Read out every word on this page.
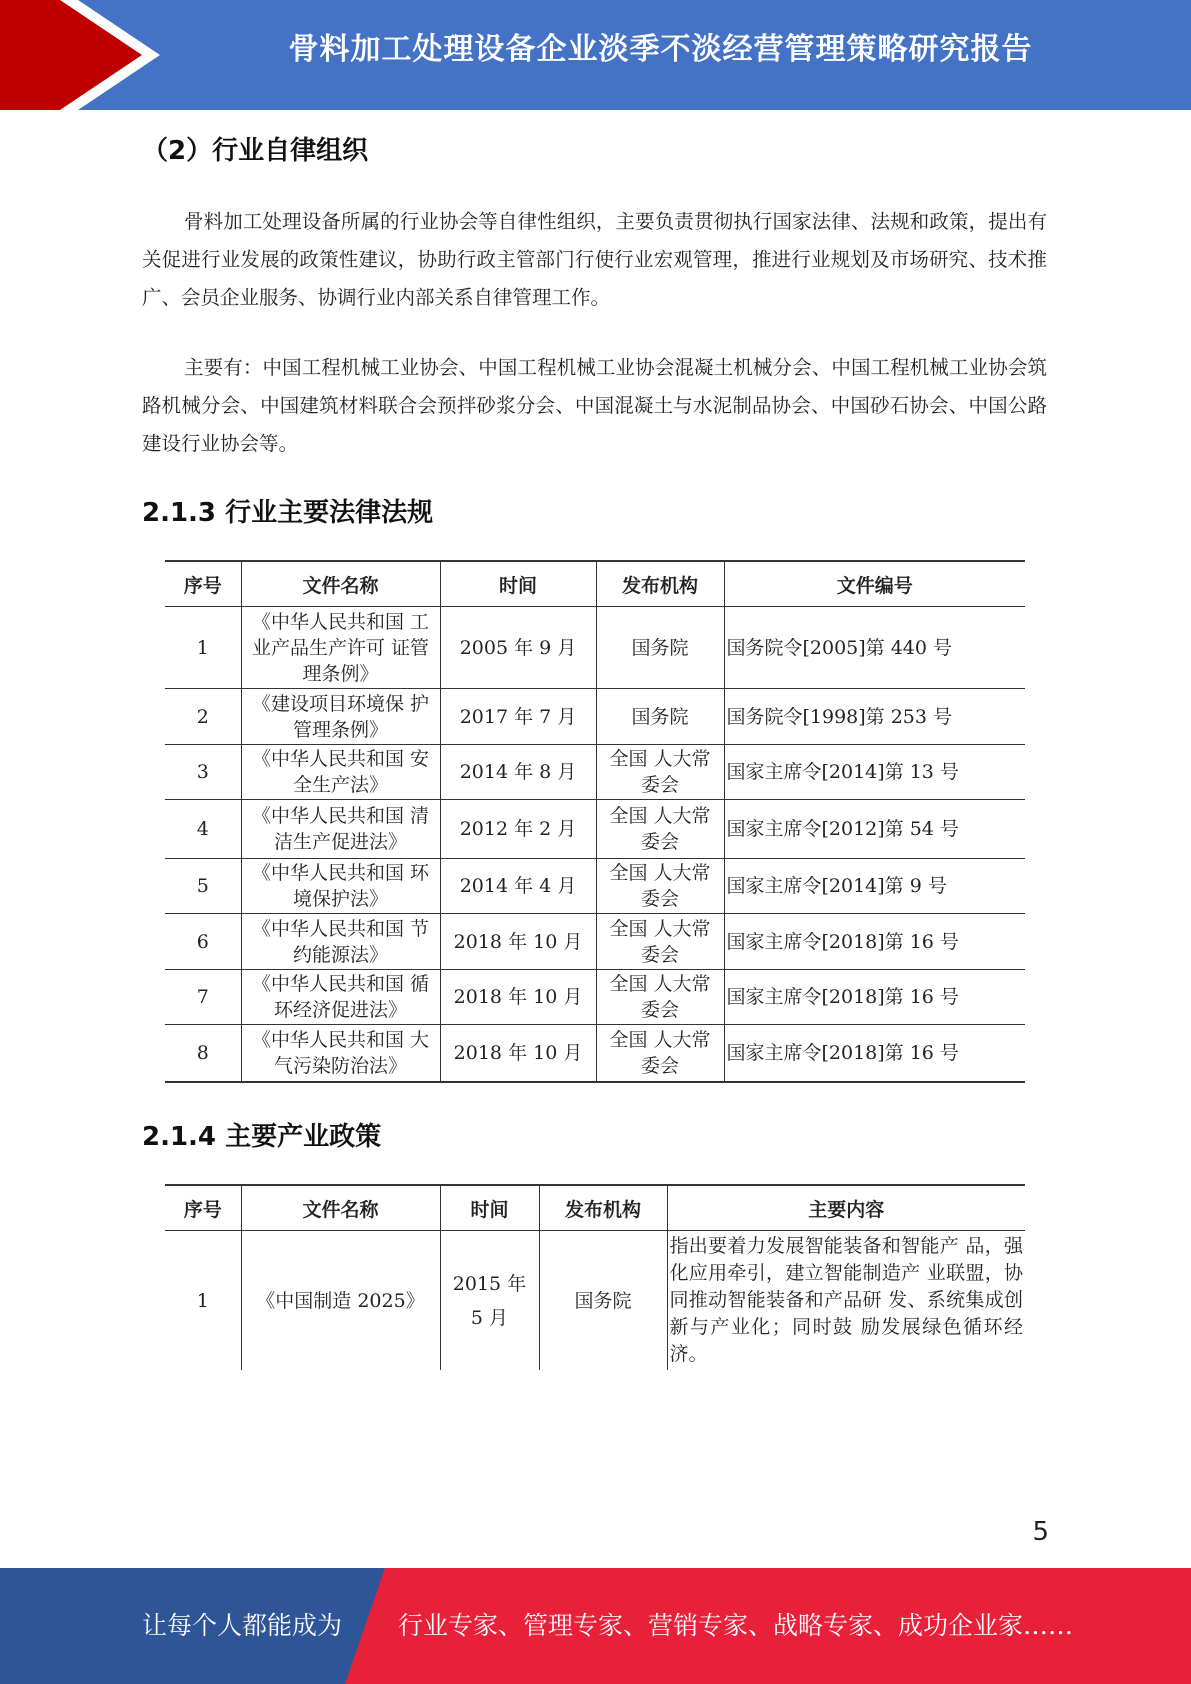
骨料加工处理设备企业淡季不淡经营管理策略研究报告
（2）行业自律组织
骨料加工处理设备所属的行业协会等自律性组织，主要负责贯彻执行国家法律、法规和政策，提出有关促进行业发展的政策性建议，协助行政主管部门行使行业宏观管理，推进行业规划及市场研究、技术推广、会员企业服务、协调行业内部关系自律管理工作。
主要有：中国工程机械工业协会、中国工程机械工业协会混凝土机械分会、中国工程机械工业协会筑路机械分会、中国建筑材料联合会预拌砂浆分会、中国混凝土与水泥制品协会、中国砂石协会、中国公路建设行业协会等。
2.1.3 行业主要法律法规
序号	文件名称	时间	发布机构	文件编号
1	《中华人民共和国 工业产品生产许可 证管理条例》	2005 年 9 月	国务院	国务院令[2005]第 440 号
2	《建设项目环境保 护管理条例》	2017 年 7 月	国务院	国务院令[1998]第 253 号
3	《中华人民共和国 安全生产法》	2014 年 8 月	全国 人大常委会	国家主席令[2014]第 13 号
4	《中华人民共和国 清洁生产促进法》	2012 年 2 月	全国 人大常委会	国家主席令[2012]第 54 号
5	《中华人民共和国 环境保护法》	2014 年 4 月	全国 人大常委会	国家主席令[2014]第 9 号
6	《中华人民共和国 节约能源法》	2018 年 10 月	全国 人大常委会	国家主席令[2018]第 16 号
7	《中华人民共和国 循环经济促进法》	2018 年 10 月	全国 人大常委会	国家主席令[2018]第 16 号
8	《中华人民共和国 大气污染防治法》	2018 年 10 月	全国 人大常委会	国家主席令[2018]第 16 号
2.1.4 主要产业政策
序号	文件名称	时间	发布机构	主要内容
1	《中国制造 2025》	2015 年 5 月	国务院	指出要着力发展智能装备和智能产 品，强化应用牵引，建立智能制造产 业联盟，协同推动智能装备和产品研 发、系统集成创新与产业化；同时鼓 励发展绿色循环经济。
5
让每个人都能成为 行业专家、管理专家、营销专家、战略专家、成功企业家……
